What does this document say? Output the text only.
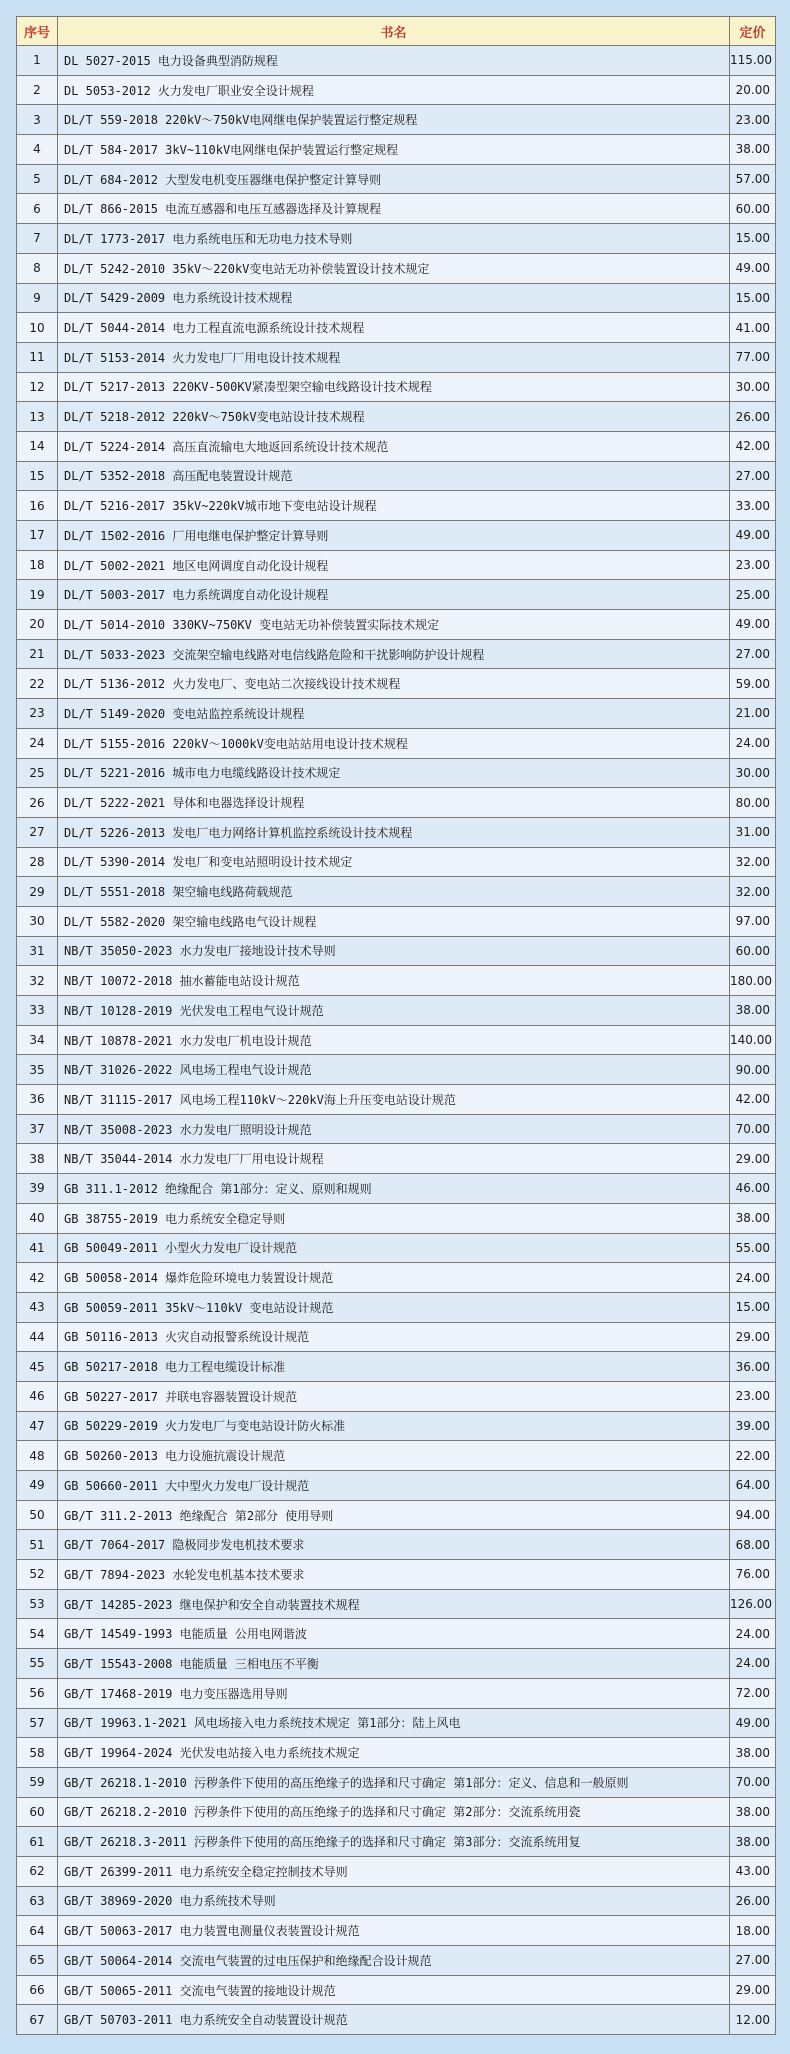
序号	书名	定价
1	DL 5027-2015 电力设备典型消防规程	115.00
2	DL 5053-2012 火力发电厂职业安全设计规程	20.00
3	DL/T 559-2018 220kV～750kV电网继电保护装置运行整定规程	23.00
4	DL/T 584-2017 3kV~110kV电网继电保护装置运行整定规程	38.00
5	DL/T 684-2012 大型发电机变压器继电保护整定计算导则	57.00
6	DL/T 866-2015 电流互感器和电压互感器选择及计算规程	60.00
7	DL/T 1773-2017 电力系统电压和无功电力技术导则	15.00
8	DL/T 5242-2010 35kV～220kV变电站无功补偿装置设计技术规定	49.00
9	DL/T 5429-2009 电力系统设计技术规程	15.00
10	DL/T 5044-2014 电力工程直流电源系统设计技术规程	41.00
11	DL/T 5153-2014 火力发电厂厂用电设计技术规程	77.00
12	DL/T 5217-2013 220KV-500KV紧凑型架空输电线路设计技术规程	30.00
13	DL/T 5218-2012 220kV～750kV变电站设计技术规程	26.00
14	DL/T 5224-2014 高压直流输电大地返回系统设计技术规范	42.00
15	DL/T 5352-2018 高压配电装置设计规范	27.00
16	DL/T 5216-2017 35kV~220kV城市地下变电站设计规程	33.00
17	DL/T 1502-2016 厂用电继电保护整定计算导则	49.00
18	DL/T 5002-2021 地区电网调度自动化设计规程	23.00
19	DL/T 5003-2017 电力系统调度自动化设计规程	25.00
20	DL/T 5014-2010 330KV~750KV 变电站无功补偿装置实际技术规定	49.00
21	DL/T 5033-2023 交流架空输电线路对电信线路危险和干扰影响防护设计规程	27.00
22	DL/T 5136-2012 火力发电厂、变电站二次接线设计技术规程	59.00
23	DL/T 5149-2020 变电站监控系统设计规程	21.00
24	DL/T 5155-2016 220kV～1000kV变电站站用电设计技术规程	24.00
25	DL/T 5221-2016 城市电力电缆线路设计技术规定	30.00
26	DL/T 5222-2021 导体和电器选择设计规程	80.00
27	DL/T 5226-2013 发电厂电力网络计算机监控系统设计技术规程	31.00
28	DL/T 5390-2014 发电厂和变电站照明设计技术规定	32.00
29	DL/T 5551-2018 架空输电线路荷载规范	32.00
30	DL/T 5582-2020 架空输电线路电气设计规程	97.00
31	NB/T 35050-2023 水力发电厂接地设计技术导则	60.00
32	NB/T 10072-2018 抽水蓄能电站设计规范	180.00
33	NB/T 10128-2019 光伏发电工程电气设计规范	38.00
34	NB/T 10878-2021 水力发电厂机电设计规范	140.00
35	NB/T 31026-2022 风电场工程电气设计规范	90.00
36	NB/T 31115-2017 风电场工程110kV～220kV海上升压变电站设计规范	42.00
37	NB/T 35008-2023 水力发电厂照明设计规范	70.00
38	NB/T 35044-2014 水力发电厂厂用电设计规程	29.00
39	GB 311.1-2012 绝缘配合 第1部分：定义、原则和规则	46.00
40	GB 38755-2019 电力系统安全稳定导则	38.00
41	GB 50049-2011 小型火力发电厂设计规范	55.00
42	GB 50058-2014 爆炸危险环境电力装置设计规范	24.00
43	GB 50059-2011 35kV～110kV 变电站设计规范	15.00
44	GB 50116-2013 火灾自动报警系统设计规范	29.00
45	GB 50217-2018 电力工程电缆设计标准	36.00
46	GB 50227-2017 并联电容器装置设计规范	23.00
47	GB 50229-2019 火力发电厂与变电站设计防火标准	39.00
48	GB 50260-2013 电力设施抗震设计规范	22.00
49	GB 50660-2011 大中型火力发电厂设计规范	64.00
50	GB/T 311.2-2013 绝缘配合 第2部分 使用导则	94.00
51	GB/T 7064-2017 隐极同步发电机技术要求	68.00
52	GB/T 7894-2023 水轮发电机基本技术要求	76.00
53	GB/T 14285-2023 继电保护和安全自动装置技术规程	126.00
54	GB/T 14549-1993 电能质量 公用电网谐波	24.00
55	GB/T 15543-2008 电能质量 三相电压不平衡	24.00
56	GB/T 17468-2019 电力变压器选用导则	72.00
57	GB/T 19963.1-2021 风电场接入电力系统技术规定 第1部分：陆上风电	49.00
58	GB/T 19964-2024 光伏发电站接入电力系统技术规定	38.00
59	GB/T 26218.1-2010 污秽条件下使用的高压绝缘子的选择和尺寸确定 第1部分：定义、信息和一般原则	70.00
60	GB/T 26218.2-2010 污秽条件下使用的高压绝缘子的选择和尺寸确定 第2部分：交流系统用瓷	38.00
61	GB/T 26218.3-2011 污秽条件下使用的高压绝缘子的选择和尺寸确定 第3部分：交流系统用复	38.00
62	GB/T 26399-2011 电力系统安全稳定控制技术导则	43.00
63	GB/T 38969-2020 电力系统技术导则	26.00
64	GB/T 50063-2017 电力装置电测量仪表装置设计规范	18.00
65	GB/T 50064-2014 交流电气装置的过电压保护和绝缘配合设计规范	27.00
66	GB/T 50065-2011 交流电气装置的接地设计规范	29.00
67	GB/T 50703-2011 电力系统安全自动装置设计规范	12.00
